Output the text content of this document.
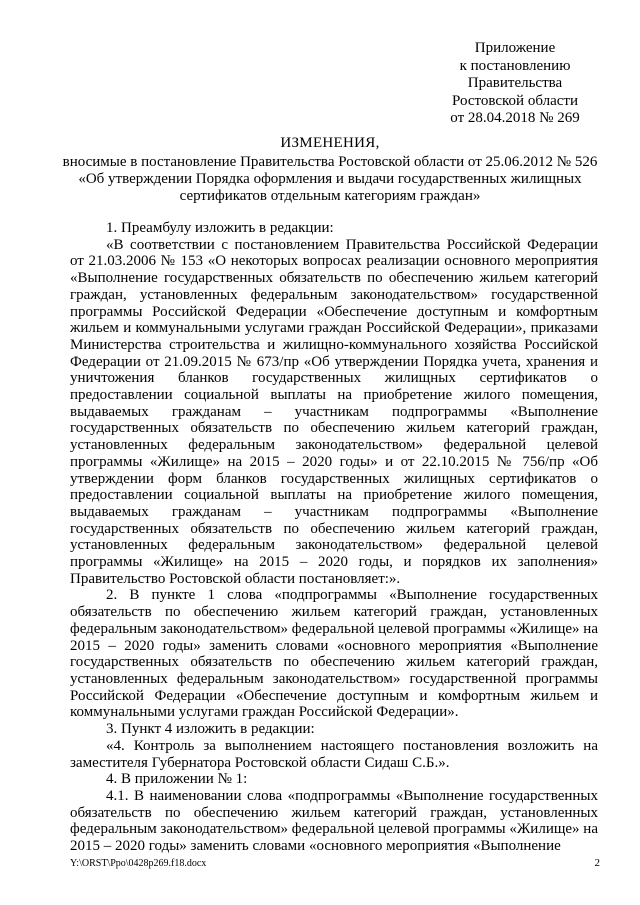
Приложение
к постановлению
Правительства
Ростовской области
от 28.04.2018 № 269
ИЗМЕНЕНИЯ,
вносимые в постановление Правительства Ростовской области от 25.06.2012 № 526 «Об утверждении Порядка оформления и выдачи государственных жилищных сертификатов отдельным категориям граждан»

1. Преамбулу изложить в редакции:

«В соответствии с постановлением Правительства Российской Федерации от 21.03.2006 № 153 «О некоторых вопросах реализации основного мероприятия «Выполнение государственных обязательств по обеспечению жильем категорий граждан, установленных федеральным законодательством» государственной программы Российской Федерации «Обеспечение доступным и комфортным жильем и коммунальными услугами граждан Российской Федерации», приказами Министерства строительства и жилищно-коммунального хозяйства Российской Федерации от 21.09.2015 № 673/пр «Об утверждении Порядка учета, хранения и уничтожения бланков государственных жилищных сертификатов о предоставлении социальной выплаты на приобретение жилого помещения, выдаваемых гражданам – участникам подпрограммы «Выполнение государственных обязательств по обеспечению жильем категорий граждан, установленных федеральным законодательством» федеральной целевой программы «Жилище» на 2015 – 2020 годы» и от 22.10.2015 № 756/пр «Об утверждении форм бланков государственных жилищных сертификатов о предоставлении социальной выплаты на приобретение жилого помещения, выдаваемых гражданам – участникам подпрограммы «Выполнение государственных обязательств по обеспечению жильем категорий граждан, установленных федеральным законодательством» федеральной целевой программы «Жилище» на 2015 – 2020 годы, и порядков их заполнения» Правительство Ростовской области постановляет:».

2. В пункте 1 слова «подпрограммы «Выполнение государственных обязательств по обеспечению жильем категорий граждан, установленных федеральным законодательством» федеральной целевой программы «Жилище» на 2015 – 2020 годы» заменить словами «основного мероприятия «Выполнение государственных обязательств по обеспечению жильем категорий граждан, установленных федеральным законодательством» государственной программы Российской Федерации «Обеспечение доступным и комфортным жильем и коммунальными услугами граждан Российской Федерации».

3. Пункт 4 изложить в редакции:

«4. Контроль за выполнением настоящего постановления возложить на заместителя Губернатора Ростовской области Сидаш С.Б.».

4. В приложении № 1:

4.1. В наименовании слова «подпрограммы «Выполнение государственных обязательств по обеспечению жильем категорий граждан, установленных федеральным законодательством» федеральной целевой программы «Жилище» на 2015 – 2020 годы» заменить словами «основного мероприятия «Выполнение

Y:\ORST\Ppo\0428p269.f18.docx	2
